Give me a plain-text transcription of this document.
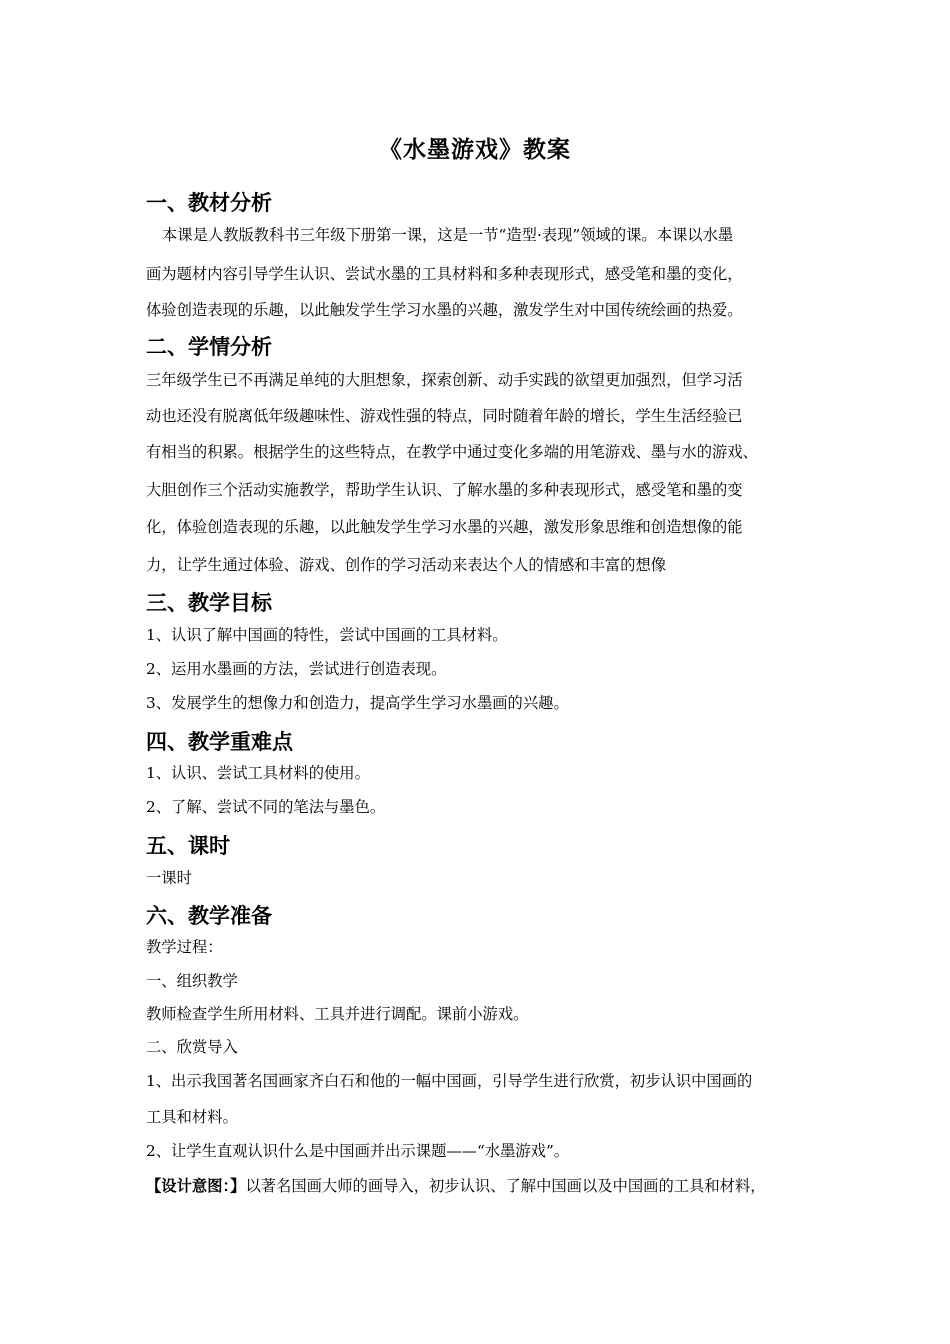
《水墨游戏》教案
一、教材分析
本课是人教版教科书三年级下册第一课，这是一节“造型·表现”领域的课。本课以水墨
画为题材内容引导学生认识、尝试水墨的工具材料和多种表现形式，感受笔和墨的变化，
体验创造表现的乐趣，以此触发学生学习水墨的兴趣，激发学生对中国传统绘画的热爱。
二、学情分析
三年级学生已不再满足单纯的大胆想象，探索创新、动手实践的欲望更加强烈，但学习活
动也还没有脱离低年级趣味性、游戏性强的特点，同时随着年龄的增长，学生生活经验已
有相当的积累。根据学生的这些特点，在教学中通过变化多端的用笔游戏、墨与水的游戏、
大胆创作三个活动实施教学，帮助学生认识、了解水墨的多种表现形式，感受笔和墨的变
化，体验创造表现的乐趣，以此触发学生学习水墨的兴趣，激发形象思维和创造想像的能
力，让学生通过体验、游戏、创作的学习活动来表达个人的情感和丰富的想像
三、教学目标
1、认识了解中国画的特性，尝试中国画的工具材料。
2、运用水墨画的方法，尝试进行创造表现。
3、发展学生的想像力和创造力，提高学生学习水墨画的兴趣。
四、教学重难点
1、认识、尝试工具材料的使用。
2、了解、尝试不同的笔法与墨色。
五、课时
一课时
六、教学准备
教学过程：
一、组织教学
教师检查学生所用材料、工具并进行调配。课前小游戏。
二、欣赏导入
1、出示我国著名国画家齐白石和他的一幅中国画，引导学生进行欣赏，初步认识中国画的
工具和材料。
2、让学生直观认识什么是中国画并出示课题——“水墨游戏”。
【设计意图：】以著名国画大师的画导入，初步认识、了解中国画以及中国画的工具和材料，
